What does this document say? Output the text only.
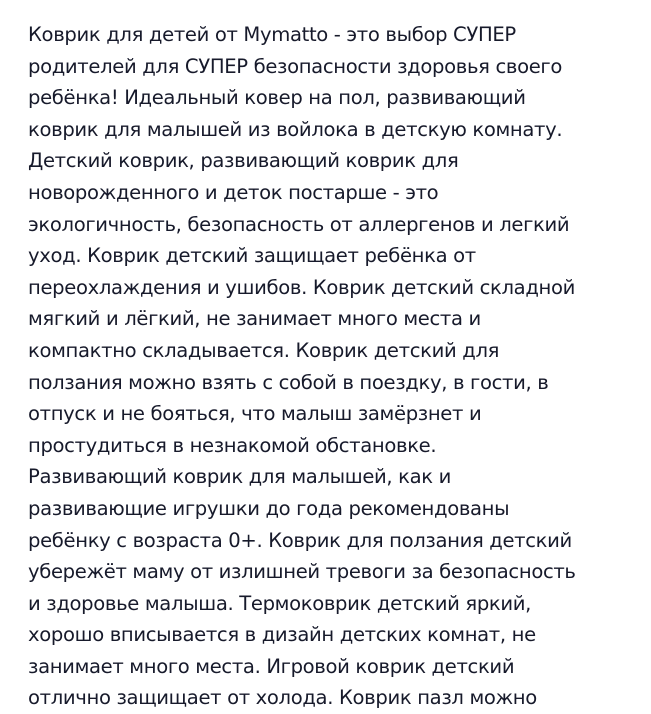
Коврик для детей от Mymatto - это выбор СУПЕР
родителей для СУПЕР безопасности здоровья своего
ребёнка! Идеальный ковер на пол, развивающий
коврик для малышей из войлока в детскую комнату.
Детский коврик, развивающий коврик для
новорожденного и деток постарше - это
экологичность, безопасность от аллергенов и легкий
уход. Коврик детский защищает ребёнка от
переохлаждения и ушибов. Коврик детский складной
мягкий и лёгкий, не занимает много места и
компактно складывается. Коврик детский для
ползания можно взять с собой в поездку, в гости, в
отпуск и не бояться, что малыш замёрзнет и
простудиться в незнакомой обстановке.
Развивающий коврик для малышей, как и
развивающие игрушки до года рекомендованы
ребёнку с возраста 0+. Коврик для ползания детский
убережёт маму от излишней тревоги за безопасность
и здоровье малыша. Термоковрик детский яркий,
хорошо вписывается в дизайн детских комнат, не
занимает много места. Игровой коврик детский
отлично защищает от холода. Коврик пазл можно
